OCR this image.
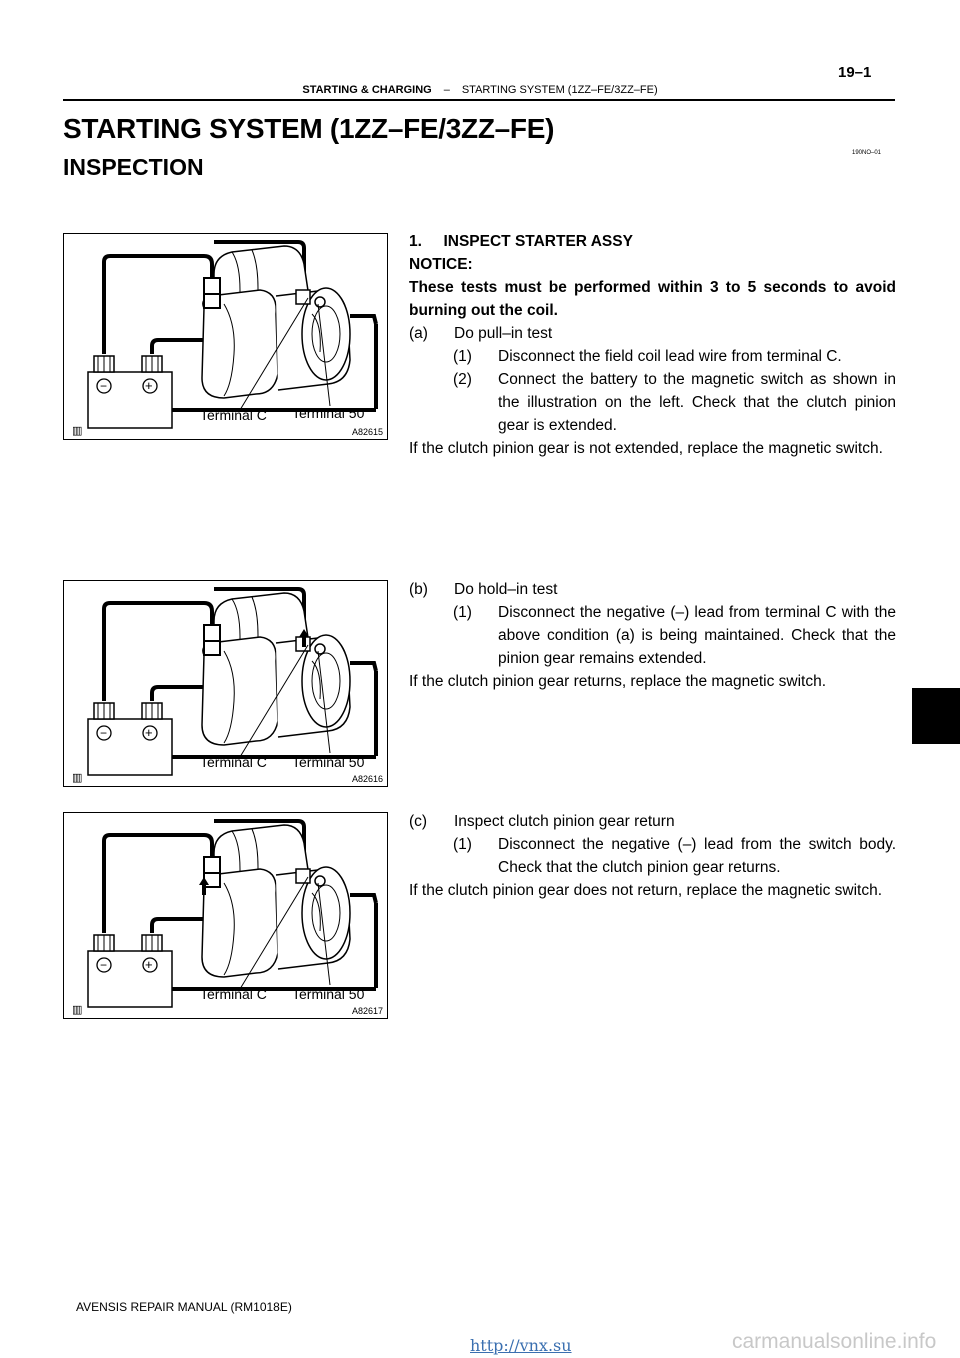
19–1
STARTING & CHARGING – STARTING SYSTEM (1ZZ–FE/3ZZ–FE)
STARTING SYSTEM (1ZZ–FE/3ZZ–FE)
INSPECTION
190NO–01
−	+
Terminal C Terminal 50
▥	A82615
−	+
Terminal C Terminal 50
▥	A82616
−	+
Terminal C Terminal 50
▥	A82617
1.     INSPECT STARTER ASSY
NOTICE:
These tests must be performed within 3 to 5 seconds to avoid burning out the coil.
(a) Do pull–in test
(1) Disconnect the field coil lead wire from terminal C.
(2) Connect the battery to the magnetic switch as shown in the illustration on the left. Check that the clutch pinion gear is extended.
If the clutch pinion gear is not extended, replace the magnetic switch.
(b) Do hold–in test
(1) Disconnect the negative (–) lead from terminal C with the above condition (a) is being maintained. Check that the pinion gear remains extended.
If the clutch pinion gear returns, replace the magnetic switch.
(c) Inspect clutch pinion gear return
(1) Disconnect the negative (–) lead from the switch body. Check that the clutch pinion gear returns.
If the clutch pinion gear does not return, replace the magnetic switch.
AVENSIS REPAIR MANUAL (RM1018E)
http://vnx.su	carmanualsonline.info
